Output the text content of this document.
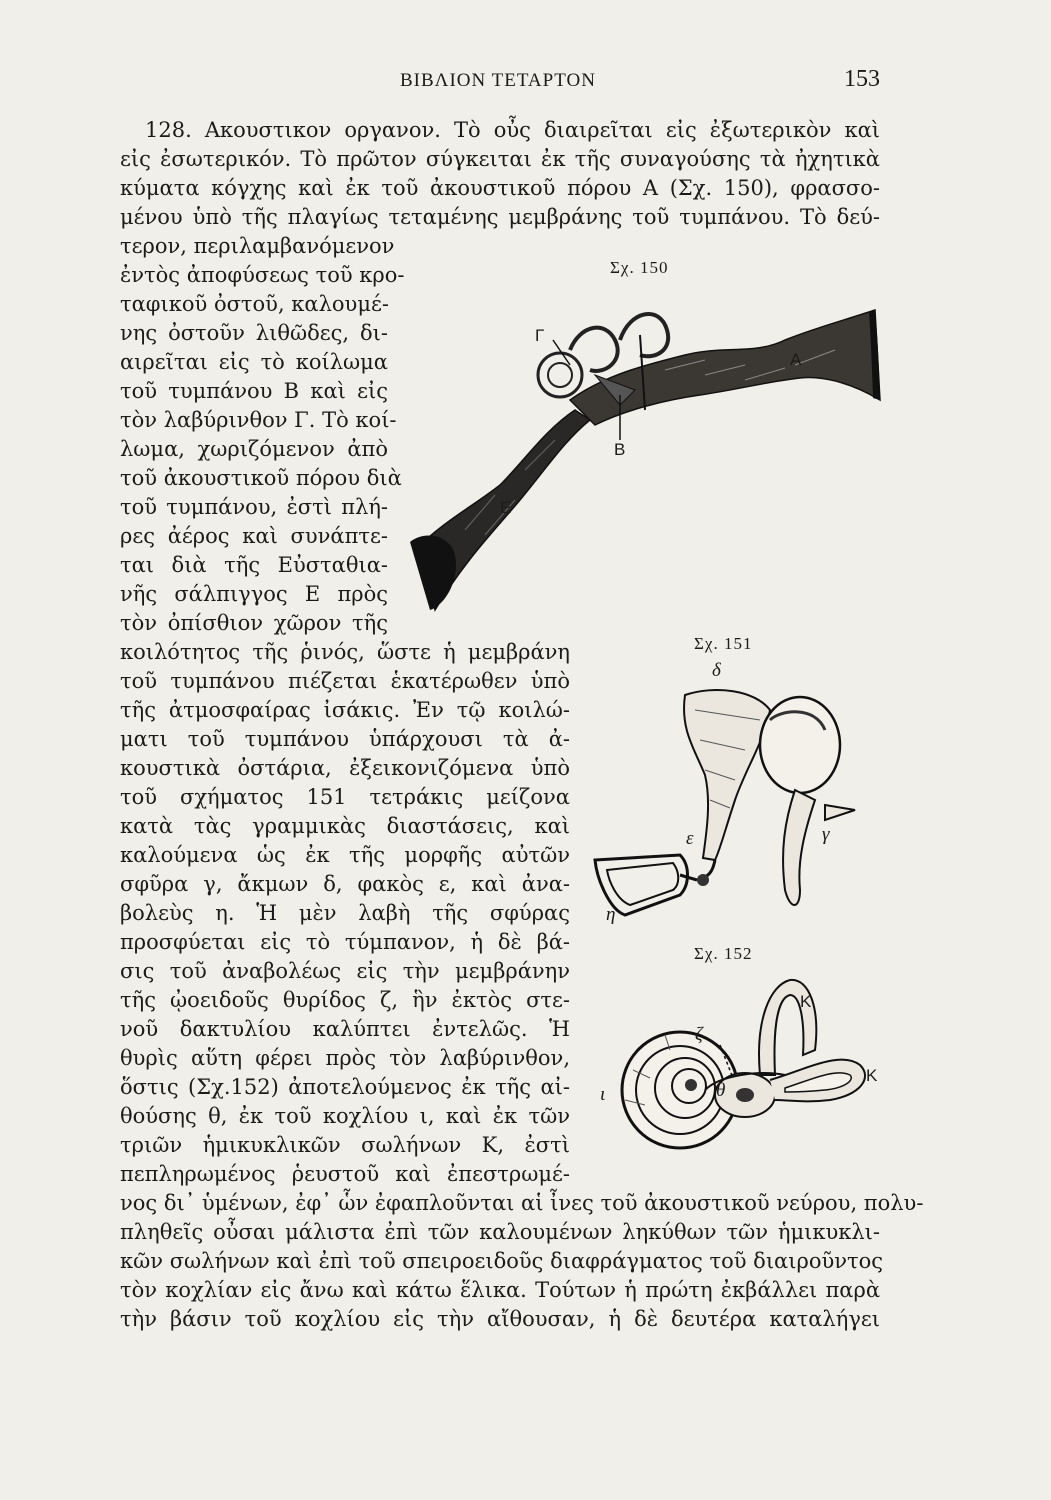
ΒΙΒΛΙΟΝ ΤΕΤΑΡΤΟΝ	153
128. Ακουστικον οργανον. Τὸ οὖς διαιρεῖται εἰς ἐξωτερικὸν καὶ
εἰς ἐσωτερικόν. Τὸ πρῶτον σύγκειται ἐκ τῆς συναγούσης τὰ ἠχητικὰ
κύματα κόγχης καὶ ἐκ τοῦ ἀκουστικοῦ πόρου Α (Σχ. 150), φρασσο-
μένου ὑπὸ τῆς πλαγίως τεταμένης μεμβράνης τοῦ τυμπάνου. Τὸ δεύ-
τερον, περιλαμβανόμενον
ἐντὸς ἀποφύσεως τοῦ κρο-
ταφικοῦ ὀστοῦ, καλουμέ-
νης ὀστοῦν λιθῶδες, δι-
αιρεῖται εἰς τὸ κοίλωμα
τοῦ τυμπάνου Β καὶ εἰς
τὸν λαβύρινθον Γ. Τὸ κοί-
λωμα, χωριζόμενον ἀπὸ
τοῦ ἀκουστικοῦ πόρου διὰ
τοῦ τυμπάνου, ἐστὶ πλή-
ρες ἀέρος καὶ συνάπτε-
ται διὰ τῆς Εὐσταθια-
νῆς σάλπιγγος Ε πρὸς
τὸν ὀπίσθιον χῶρον τῆς
κοιλότητος τῆς ῥινός, ὥστε ἡ μεμβράνη
τοῦ τυμπάνου πιέζεται ἑκατέρωθεν ὑπὸ
τῆς ἀτμοσφαίρας ἰσάκις. Ἐν τῷ κοιλώ-
ματι τοῦ τυμπάνου ὑπάρχουσι τὰ ἀ-
κουστικὰ ὀστάρια, ἐξεικονιζόμενα ὑπὸ
τοῦ σχήματος 151 τετράκις μείζονα
κατὰ τὰς γραμμικὰς διαστάσεις, καὶ
καλούμενα ὡς ἐκ τῆς μορφῆς αὐτῶν
σφῦρα γ, ἄκμων δ, φακὸς ε, καὶ ἀνα-
βολεὺς η. Ἡ μὲν λαβὴ τῆς σφύρας
προσφύεται εἰς τὸ τύμπανον, ἡ δὲ βά-
σις τοῦ ἀναβολέως εἰς τὴν μεμβράνην
τῆς ᾠοειδοῦς θυρίδος ζ, ἣν ἐκτὸς στε-
νοῦ δακτυλίου καλύπτει ἐντελῶς. Ἡ
θυρὶς αὕτη φέρει πρὸς τὸν λαβύρινθον,
ὅστις (Σχ.152) ἀποτελούμενος ἐκ τῆς αἰ-
θούσης θ, ἐκ τοῦ κοχλίου ι, καὶ ἐκ τῶν
τριῶν ἡμικυκλικῶν σωλήνων Κ, ἐστὶ
πεπληρωμένος ῥευστοῦ καὶ ἐπεστρωμέ-
νος δι᾽ ὑμένων, ἐφ᾽ ὧν ἐφαπλοῦνται αἱ ἶνες τοῦ ἀκουστικοῦ νεύρου, πολυ-
πληθεῖς οὖσαι μάλιστα ἐπὶ τῶν καλουμένων ληκύθων τῶν ἡμικυκλι-
κῶν σωλήνων καὶ ἐπὶ τοῦ σπειροειδοῦς διαφράγματος τοῦ διαιροῦντος
τὸν κοχλίαν εἰς ἄνω καὶ κάτω ἕλικα. Τούτων ἡ πρώτη ἐκβάλλει παρὰ
τὴν βάσιν τοῦ κοχλίου εἰς τὴν αἴθουσαν, ἡ δὲ δευτέρα καταλήγει
Σχ. 150
Γ
Α
Β
Ε
Σχ. 151
δ
ε	γ
η
Σχ. 152
Κ
ζ
Κ
ι	θ
